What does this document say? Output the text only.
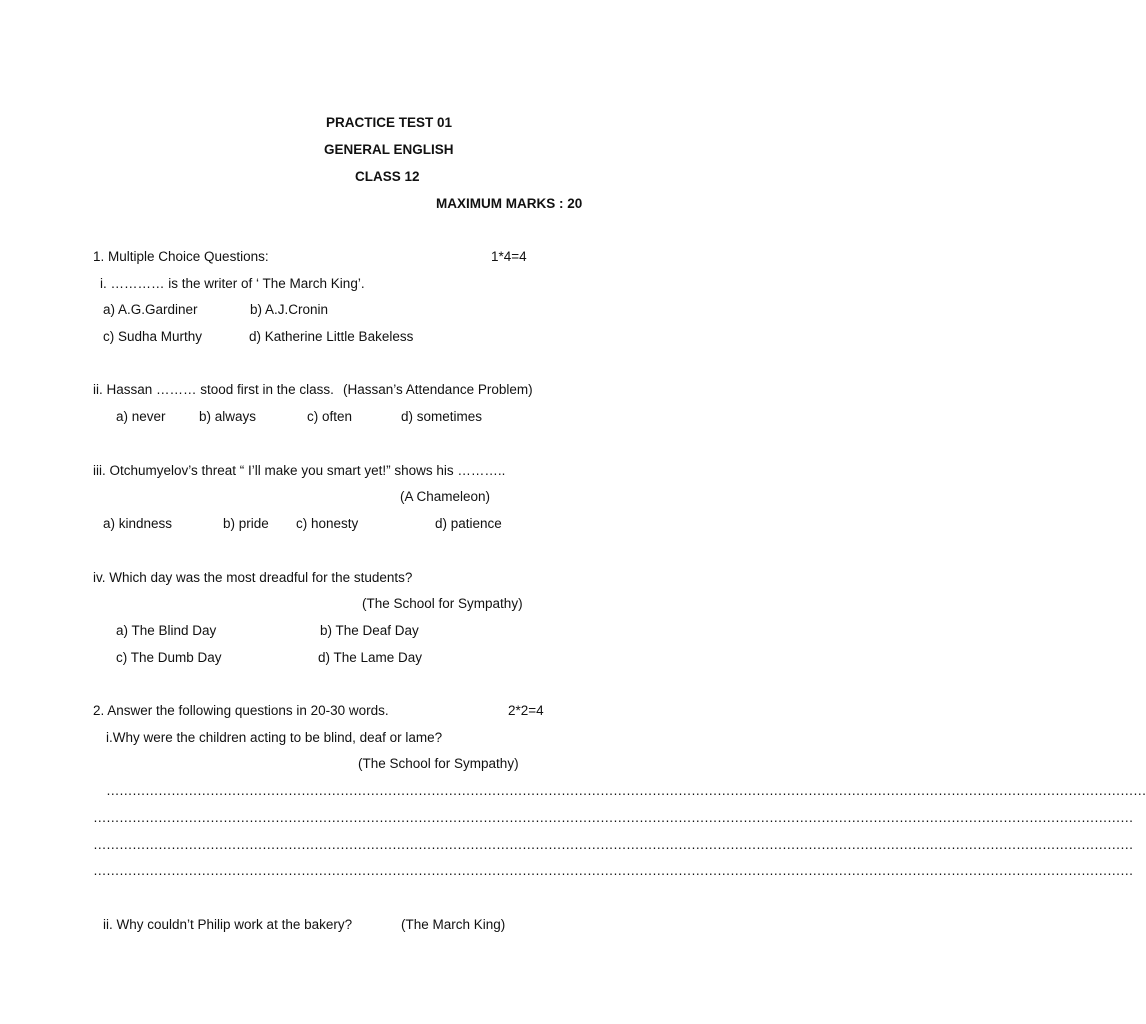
PRACTICE TEST 01
GENERAL ENGLISH
CLASS 12
MAXIMUM MARKS : 20
1. Multiple Choice Questions:	1*4=4
i. ………… is the writer of ‘ The March King’.
a) A.G.Gardiner	b) A.J.Cronin
c) Sudha Murthy	d) Katherine Little Bakeless
ii. Hassan ……… stood first in the class. (Hassan’s Attendance Problem)
a) never b) always	c) often	d) sometimes
iii. Otchumyelov’s threat “ I’ll make you smart yet!” shows his ………..
(A Chameleon)
a) kindness	b) pride c) honesty	d) patience
iv. Which day was the most dreadful for the students?
(The School for Sympathy)
a) The Blind Day	b) The Deaf Day
c) The Dumb Day	d) The Lame Day
2. Answer the following questions in 20-30 words.	2*2=4
i.Why were the children acting to be blind, deaf or lame?
(The School for Sympathy)
……………………………………………………………………………………………………………………………………………………………………………………………………………………
……………………………………………………………………………………………………………………………………………………………………………………………………………………
……………………………………………………………………………………………………………………………………………………………………………………………………………………
……………………………………………………………………………………………………………………………………………………………………………………………………………………
ii. Why couldn’t Philip work at the bakery?	(The March King)
